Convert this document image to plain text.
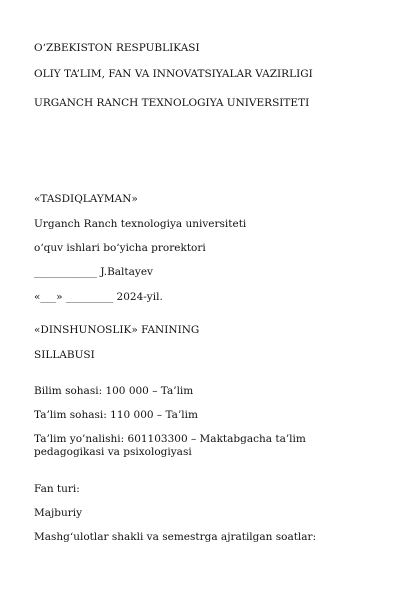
O‘ZBEKISTON RESPUBLIKASI

OLIY TA’LIM, FAN VA INNOVATSIYALAR VAZIRLIGI

URGANCH RANCH TEXNOLOGIYA UNIVERSITETI

«TASDIQLAYMAN»

Urganch Ranch texnologiya universiteti

o‘quv ishlari bo‘yicha prorektori

____________ J.Baltayev

«___» _________ 2024-yil.

«DINSHUNOSLIK» FANINING

SILLABUSI

Bilim sohasi: 100 000 – Ta’lim

Ta’lim sohasi: 110 000 – Ta’lim

Ta’lim yo’nalishi: 601103300 – Maktabgacha ta’lim pedagogikasi va psixologiyasi

Fan turi:

Majburiy

Mashg‘ulotlar shakli va semestrga ajratilgan soatlar:
